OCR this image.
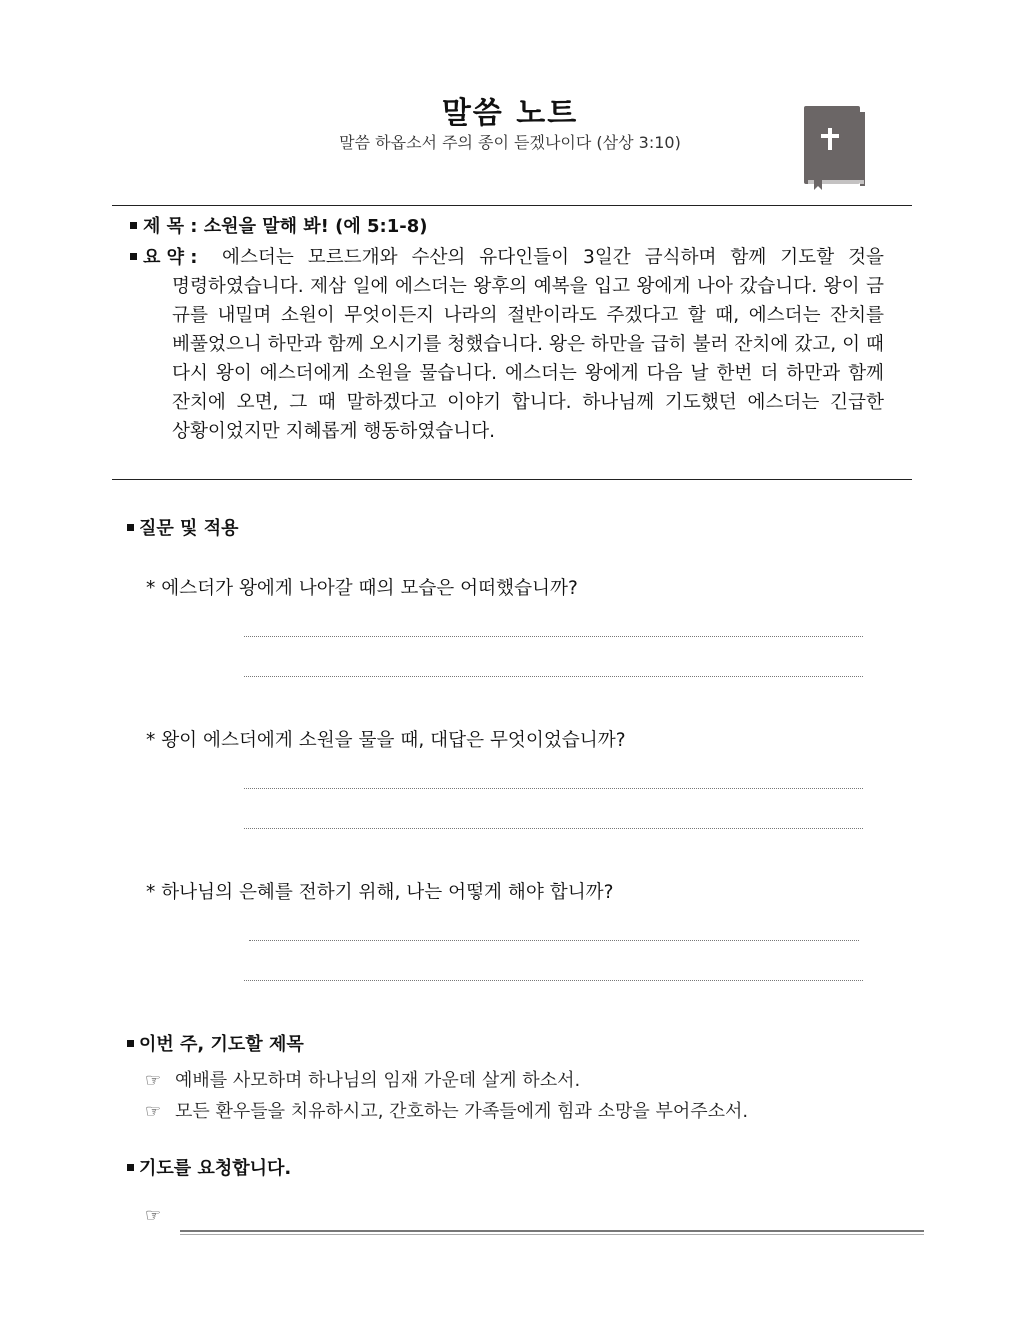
말씀 노트
말씀 하옵소서 주의 종이 듣겠나이다 (삼상 3:10)
제 목 : 소원을 말해 봐! (에 5:1-8)
요 약 :	에스더는 모르드개와 수산의 유다인들이 3일간 금식하며 함께 기도할 것을 명령하였습니다. 제삼 일에 에스더는 왕후의 예복을 입고 왕에게 나아 갔습니다. 왕이 금 규를 내밀며 소원이 무엇이든지 나라의 절반이라도 주겠다고 할 때, 에스더는 잔치를 베풀었으니 하만과 함께 오시기를 청했습니다. 왕은 하만을 급히 불러 잔치에 갔고, 이 때 다시 왕이 에스더에게 소원을 물습니다. 에스더는 왕에게 다음 날 한번 더 하만과 함께 잔치에 오면, 그 때 말하겠다고 이야기 합니다. 하나님께 기도했던 에스더는 긴급한 상황이었지만 지혜롭게 행동하였습니다.
질문 및 적용
* 에스더가 왕에게 나아갈 때의 모습은 어떠했습니까?
* 왕이 에스더에게 소원을 물을 때, 대답은 무엇이었습니까?
* 하나님의 은혜를 전하기 위해, 나는 어떻게 해야 합니까?
이번 주, 기도할 제목
☞ 예배를 사모하며 하나님의 임재 가운데 살게 하소서.
☞ 모든 환우들을 치유하시고, 간호하는 가족들에게 힘과 소망을 부어주소서.
기도를 요청합니다.
☞
